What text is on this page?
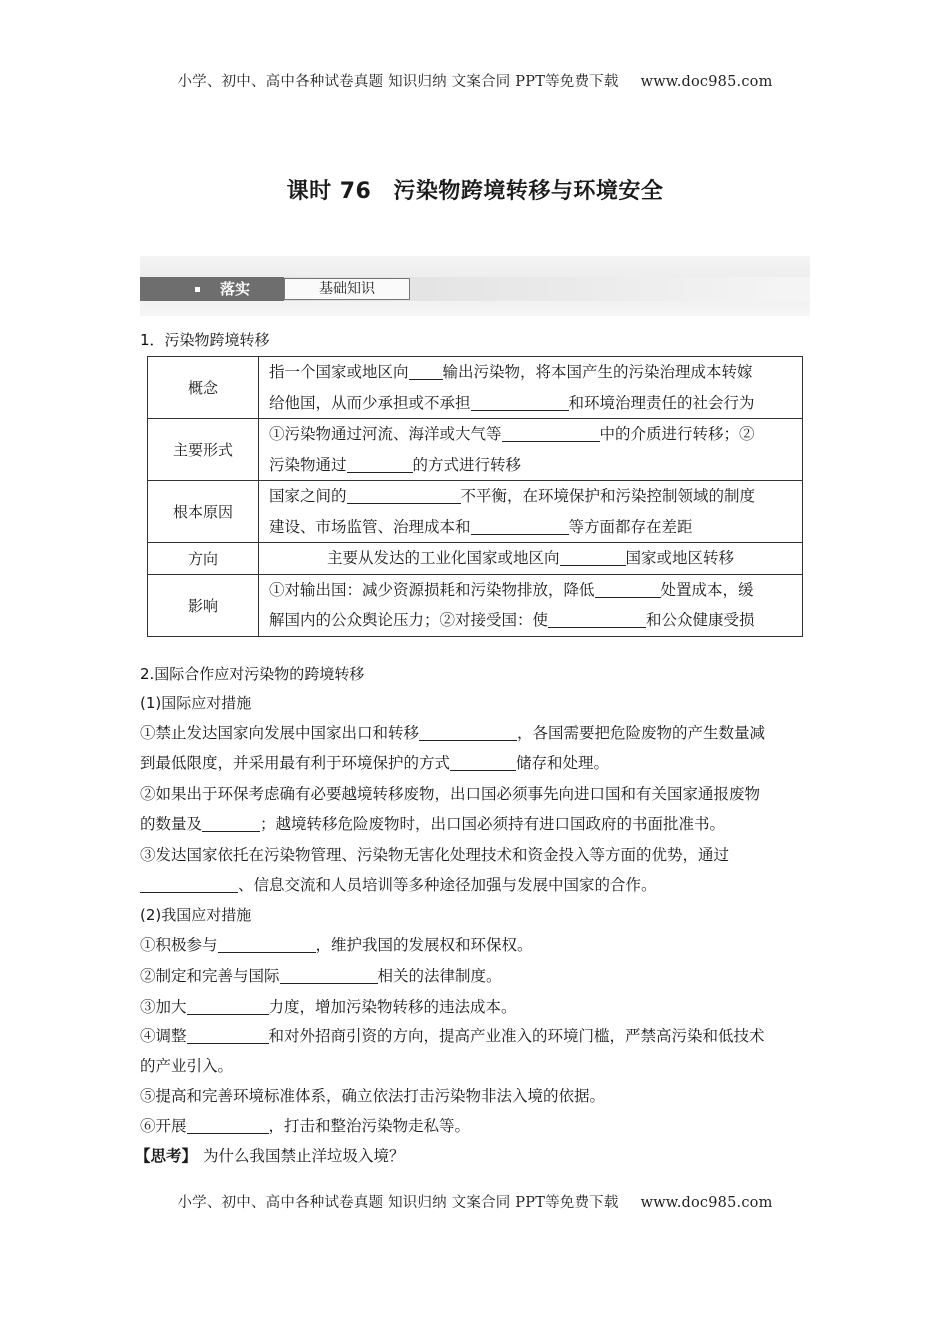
小学、初中、高中各种试卷真题 知识归纳 文案合同 PPT等免费下载 www.doc985.com
课时 76 污染物跨境转移与环境安全
落实	基础知识
1．污染物跨境转移
概念	指一个国家或地区向 输出污染物，将本国产生的污染治理成本转嫁
给他国，从而少承担或不承担 和环境治理责任的社会行为
主要形式	①污染物通过河流、海洋或大气等 中的介质进行转移；②
污染物通过 的方式进行转移
根本原因	国家之间的 不平衡，在环境保护和污染控制领域的制度
建设、市场监管、治理成本和 等方面都存在差距
方向	主要从发达的工业化国家或地区向 国家或地区转移
影响	①对输出国：减少资源损耗和污染物排放，降低 处置成本，缓
解国内的公众舆论压力；②对接受国：使 和公众健康受损
2.国际合作应对污染物的跨境转移
(1)国际应对措施
①禁止发达国家向发展中国家出口和转移	，各国需要把危险废物的产生数量减
到最低限度，并采用最有利于环境保护的方式	储存和处理。
②如果出于环保考虑确有必要越境转移废物，出口国必须事先向进口国和有关国家通报废物
的数量及	；越境转移危险废物时，出口国必须持有进口国政府的书面批准书。
③发达国家依托在污染物管理、污染物无害化处理技术和资金投入等方面的优势，通过
、信息交流和人员培训等多种途径加强与发展中国家的合作。
(2)我国应对措施
①积极参与	，维护我国的发展权和环保权。
②制定和完善与国际	相关的法律制度。
③加大	力度，增加污染物转移的违法成本。
④调整	和对外招商引资的方向，提高产业准入的环境门槛，严禁高污染和低技术
的产业引入。
⑤提高和完善环境标准体系，确立依法打击污染物非法入境的依据。
⑥开展	，打击和整治污染物走私等。
【思考】 为什么我国禁止洋垃圾入境？
小学、初中、高中各种试卷真题 知识归纳 文案合同 PPT等免费下载 www.doc985.com
